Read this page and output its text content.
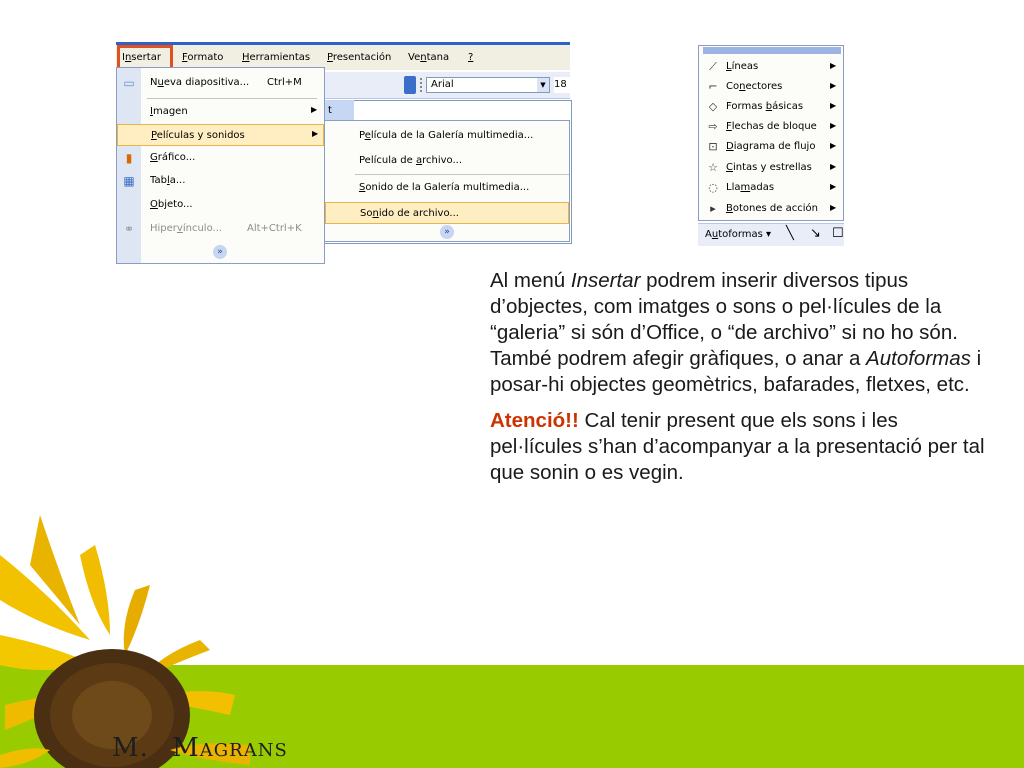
M. MAGRANS
Arial	▼ 18
t
Insertar Formato Herramientas Presentación Ventana ?
▭ Nueva diapositiva... Ctrl+M
Imagen	▶
Películas y sonidos	▶
▮	Gráfico...
▦ Tabla...
Objeto...
⚭ Hipervínculo... Alt+Ctrl+K
»
Película de la Galería multimedia...
Película de archivo...
Sonido de la Galería multimedia...
Sonido de archivo...
»
⟋ Líneas	▶
⌐ Conectores	▶
◇ Formas básicas	▶
⇨ Flechas de bloque ▶
⊡ Diagrama de flujo ▶
☆ Cintas y estrellas ▶
◌ Llamadas	▶
▸	Botones de acción ▶
Autoformas ▾ ╲ ↘ ☐

Al menú Insertar podrem inserir diversos tipus d’objectes, com imatges o sons o pel·lícules de la “galeria” si són d’Office, o “de archivo” si no ho són. També podrem afegir gràfiques, o anar a Autoformas i posar-hi objectes geomètrics, bafarades, fletxes, etc.

Atenció!! Cal tenir present que els sons i les pel·lícules s’han d’acompanyar a la presentació per tal que sonin o es vegin.
